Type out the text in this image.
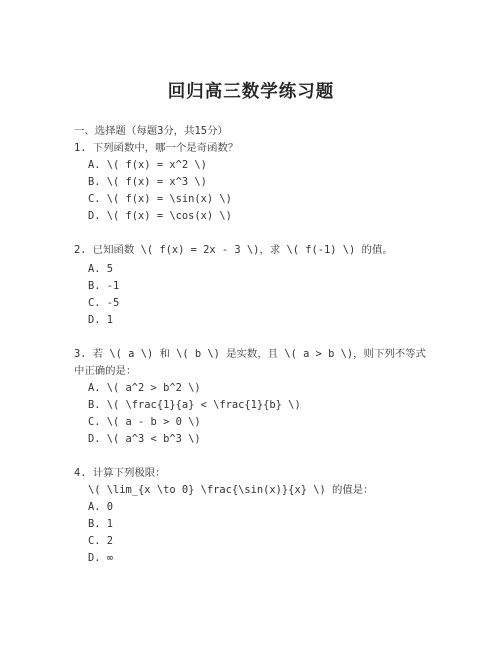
回归高三数学练习题
一、选择题（每题3分，共15分）
1. 下列函数中，哪一个是奇函数？
A. \( f(x) = x^2 \)
B. \( f(x) = x^3 \)
C. \( f(x) = \sin(x) \)
D. \( f(x) = \cos(x) \)
2. 已知函数 \( f(x) = 2x - 3 \)，求 \( f(-1) \) 的值。
A. 5
B. -1
C. -5
D. 1
3. 若 \( a \) 和 \( b \) 是实数，且 \( a > b \)，则下列不等式
中正确的是：
A. \( a^2 > b^2 \)
B. \( \frac{1}{a} < \frac{1}{b} \)
C. \( a - b > 0 \)
D. \( a^3 < b^3 \)
4. 计算下列极限：
\( \lim_{x \to 0} \frac{\sin(x)}{x} \) 的值是：
A. 0
B. 1
C. 2
D. ∞
